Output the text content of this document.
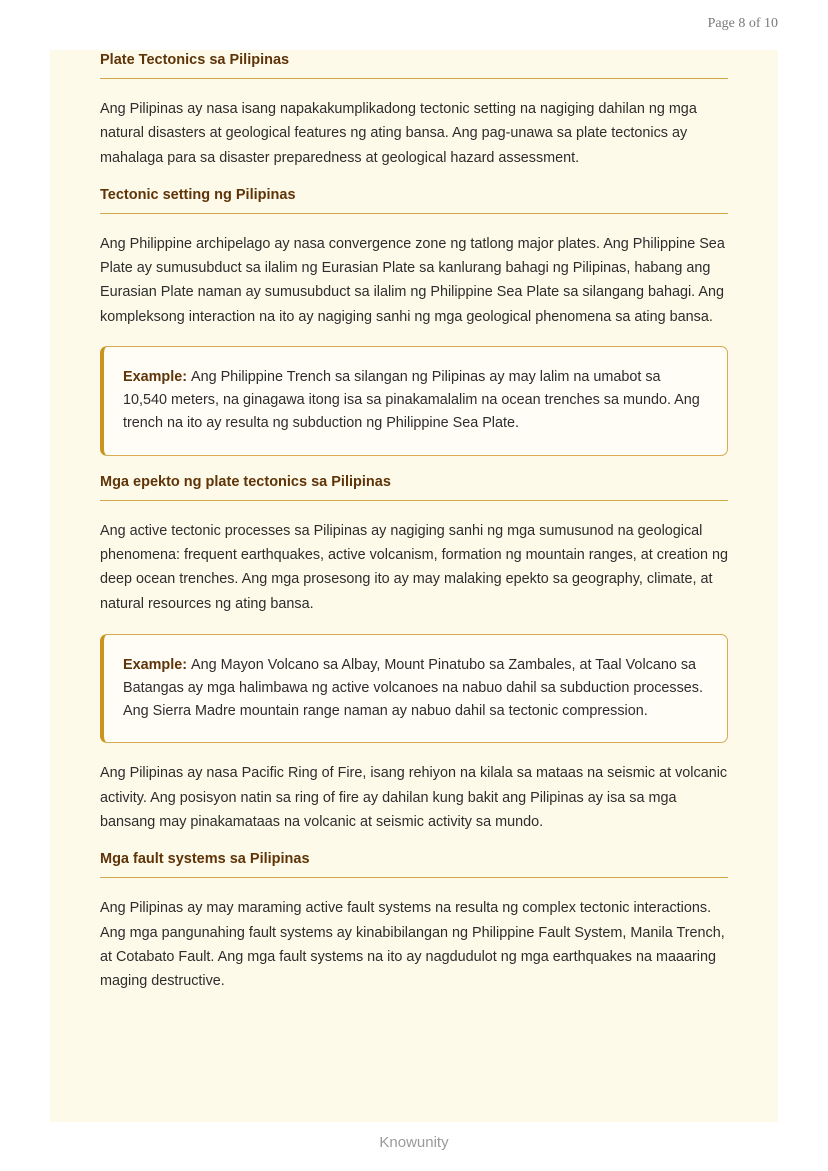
Page 8 of 10
Plate Tectonics sa Pilipinas

Ang Pilipinas ay nasa isang napakakumplikadong tectonic setting na nagiging dahilan ng mga natural disasters at geological features ng ating bansa. Ang pag-unawa sa plate tectonics ay mahalaga para sa disaster preparedness at geological hazard assessment.

Tectonic setting ng Pilipinas

Ang Philippine archipelago ay nasa convergence zone ng tatlong major plates. Ang Philippine Sea Plate ay sumusubduct sa ilalim ng Eurasian Plate sa kanlurang bahagi ng Pilipinas, habang ang Eurasian Plate naman ay sumusubduct sa ilalim ng Philippine Sea Plate sa silangang bahagi. Ang kompleksong interaction na ito ay nagiging sanhi ng mga geological phenomena sa ating bansa.

Example: Ang Philippine Trench sa silangan ng Pilipinas ay may lalim na umabot sa 10,540 meters, na ginagawa itong isa sa pinakamalalim na ocean trenches sa mundo. Ang trench na ito ay resulta ng subduction ng Philippine Sea Plate.
Mga epekto ng plate tectonics sa Pilipinas

Ang active tectonic processes sa Pilipinas ay nagiging sanhi ng mga sumusunod na geological phenomena: frequent earthquakes, active volcanism, formation ng mountain ranges, at creation ng deep ocean trenches. Ang mga prosesong ito ay may malaking epekto sa geography, climate, at natural resources ng ating bansa.

Example: Ang Mayon Volcano sa Albay, Mount Pinatubo sa Zambales, at Taal Volcano sa Batangas ay mga halimbawa ng active volcanoes na nabuo dahil sa subduction processes. Ang Sierra Madre mountain range naman ay nabuo dahil sa tectonic compression.

Ang Pilipinas ay nasa Pacific Ring of Fire, isang rehiyon na kilala sa mataas na seismic at volcanic activity. Ang posisyon natin sa ring of fire ay dahilan kung bakit ang Pilipinas ay isa sa mga bansang may pinakamataas na volcanic at seismic activity sa mundo.

Mga fault systems sa Pilipinas

Ang Pilipinas ay may maraming active fault systems na resulta ng complex tectonic interactions. Ang mga pangunahing fault systems ay kinabibilangan ng Philippine Fault System, Manila Trench, at Cotabato Fault. Ang mga fault systems na ito ay nagdudulot ng mga earthquakes na maaaring maging destructive.

Knowunity
